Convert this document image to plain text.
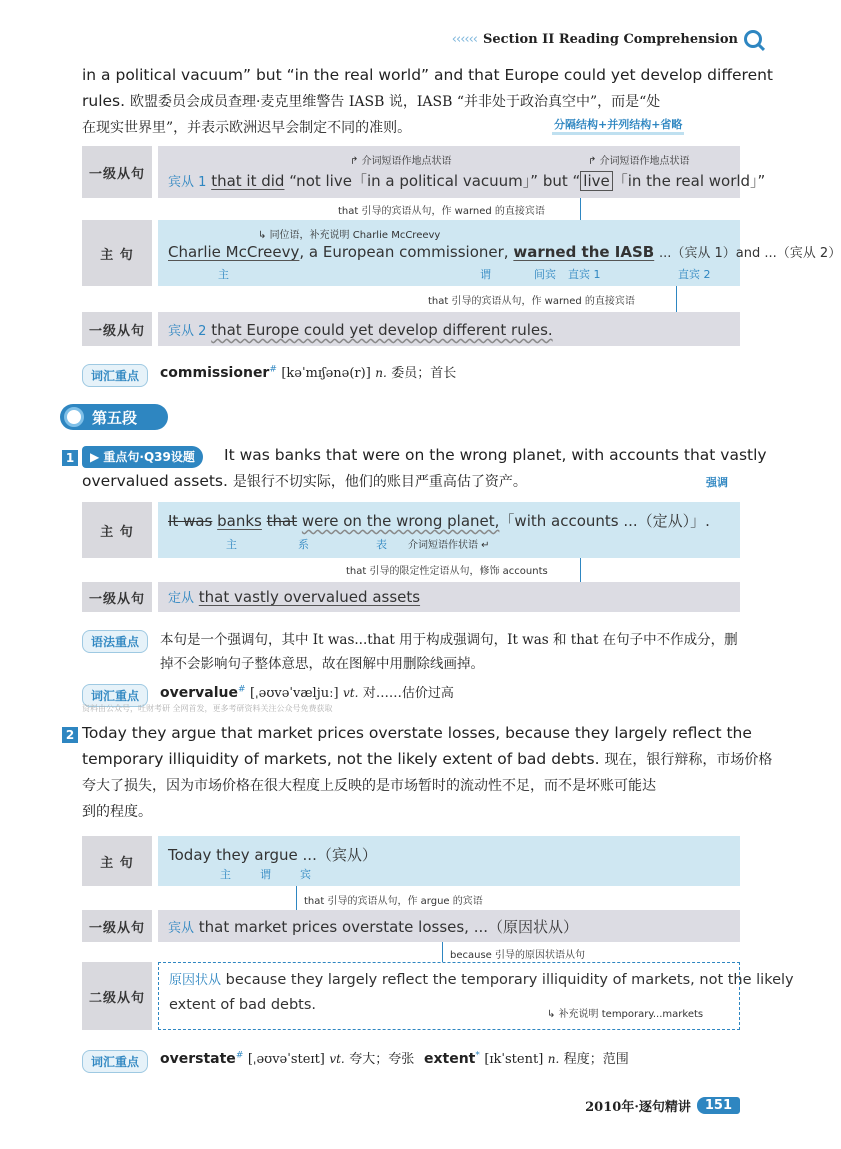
‹‹‹‹‹‹ Section II Reading Comprehension
in a political vacuum” but “in the real world” and that Europe could yet develop different
rules. 欧盟委员会成员查理·麦克里维警告 IASB 说，IASB “并非处于政治真空中”，而是“处
在现实世界里”，并表示欧洲迟早会制定不同的准则。	分隔结构+并列结构+省略
一级从句
↱ 介词短语作地点状语	↱ 介词短语作地点状语
宾从 1 that it did “not live「in a political vacuum」” but “ live 「in the real world」”
that 引导的宾语从句，作 warned 的直接宾语
主 句
↳ 同位语，补充说明 Charlie McCreevy
Charlie McCreevy, a European commissioner, warned the IASB ...（宾从 1）and ...（宾从 2）
主	谓	间宾 直宾 1	直宾 2
that 引导的宾语从句，作 warned 的直接宾语
一级从句	宾从 2 that Europe could yet develop different rules.
词汇重点	commissioner# [kəˈmɪʃənə(r)] n. 委员；首长
第五段
1	▶ 重点句·Q39设题	It was banks that were on the wrong planet, with accounts that vastly
overvalued assets. 是银行不切实际，他们的账目严重高估了资产。	强调
主 句
It was banks that were on the wrong planet,「with accounts ...（定从）」.
主	系	表 介词短语作状语 ↵
that 引导的限定性定语从句，修饰 accounts
一级从句	定从 that vastly overvalued assets
语法重点	本句是一个强调句，其中 It was...that 用于构成强调句，It was 和 that 在句子中不作成分，删
掉不会影响句子整体意思，故在图解中用删除线画掉。
词汇重点	overvalue# [ˌəʊvəˈvæljuː] vt. 对……估价过高
资料由公众号，吐财考研 全网首发，更多考研资料关注公众号免费获取
2 Today they argue that market prices overstate losses, because they largely reflect the
temporary illiquidity of markets, not the likely extent of bad debts. 现在，银行辩称，市场价格
夸大了损失，因为市场价格在很大程度上反映的是市场暂时的流动性不足，而不是坏账可能达
到的程度。
主 句	Today they argue ...（宾从）
主	谓	宾
that 引导的宾语从句，作 argue 的宾语
一级从句	宾从 that market prices overstate losses, ...（原因状从）
because 引导的原因状语从句
二级从句
原因状从 because they largely reflect the temporary illiquidity of markets, not the likely
extent of bad debts.
↳ 补充说明 temporary...markets
词汇重点	overstate# [ˌəʊvəˈsteɪt] vt. 夸大；夸张 extent* [ɪkˈstent] n. 程度；范围
2010年·逐句精讲	151
